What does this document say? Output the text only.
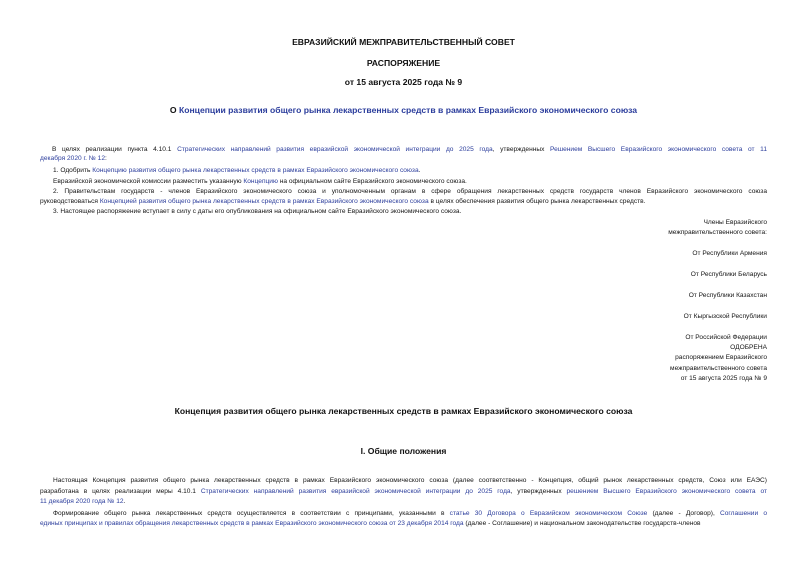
ЕВРАЗИЙСКИЙ МЕЖПРАВИТЕЛЬСТВЕННЫЙ СОВЕТ
РАСПОРЯЖЕНИЕ
от 15 августа 2025 года № 9
О Концепции развития общего рынка лекарственных средств в рамках Евразийского экономического союза
В целях реализации пункта 4.10.1 Стратегических направлений развития евразийской экономической интеграции до 2025 года, утвержденных Решением Высшего Евразийского экономического совета от 11
декабря 2020 г. № 12:
1. Одобрить Концепцию развития общего рынка лекарственных средств в рамках Евразийского экономического союза.
Евразийской экономической комиссии разместить указанную Концепцию на официальном сайте Евразийского экономического союза.
2. Правительствам государств - членов Евразийского экономического союза и уполномоченным органам в сфере обращения лекарственных средств государств членов Евразийского экономического союза
руководствоваться Концепцией развития общего рынка лекарственных средств в рамках Евразийского экономического союза в целях обеспечения развития общего рынка лекарственных средств.
3. Настоящее распоряжение вступает в силу с даты его опубликования на официальном сайте Евразийского экономического союза.
Члены Евразийского
межправительственного совета:
От Республики Армения
От Республики Беларусь
От Республики Казахстан
От Кыргызской Республики
От Российской Федерации
ОДОБРЕНА
распоряжением Евразийского
межправительственного совета
от 15 августа 2025 года № 9
Концепция развития общего рынка лекарственных средств в рамках Евразийского экономического союза
I. Общие положения
Настоящая Концепция развития общего рынка лекарственных средств в рамках Евразийского экономического союза (далее соответственно - Концепция, общий рынок лекарственных средств, Союз или ЕАЭС)
разработана в целях реализации меры 4.10.1 Стратегических направлений развития евразийской экономической интеграции до 2025 года, утвержденных решением Высшего Евразийского экономического совета от
11 декабря 2020 года № 12.
Формирование общего рынка лекарственных средств осуществляется в соответствии с принципами, указанными в статье 30 Договора о Евразийском экономическом Союзе (далее - Договор), Соглашении о
единых принципах и правилах обращения лекарственных средств в рамках Евразийского экономического союза от 23 декабря 2014 года (далее - Соглашение) и национальном законодательстве государств-членов
